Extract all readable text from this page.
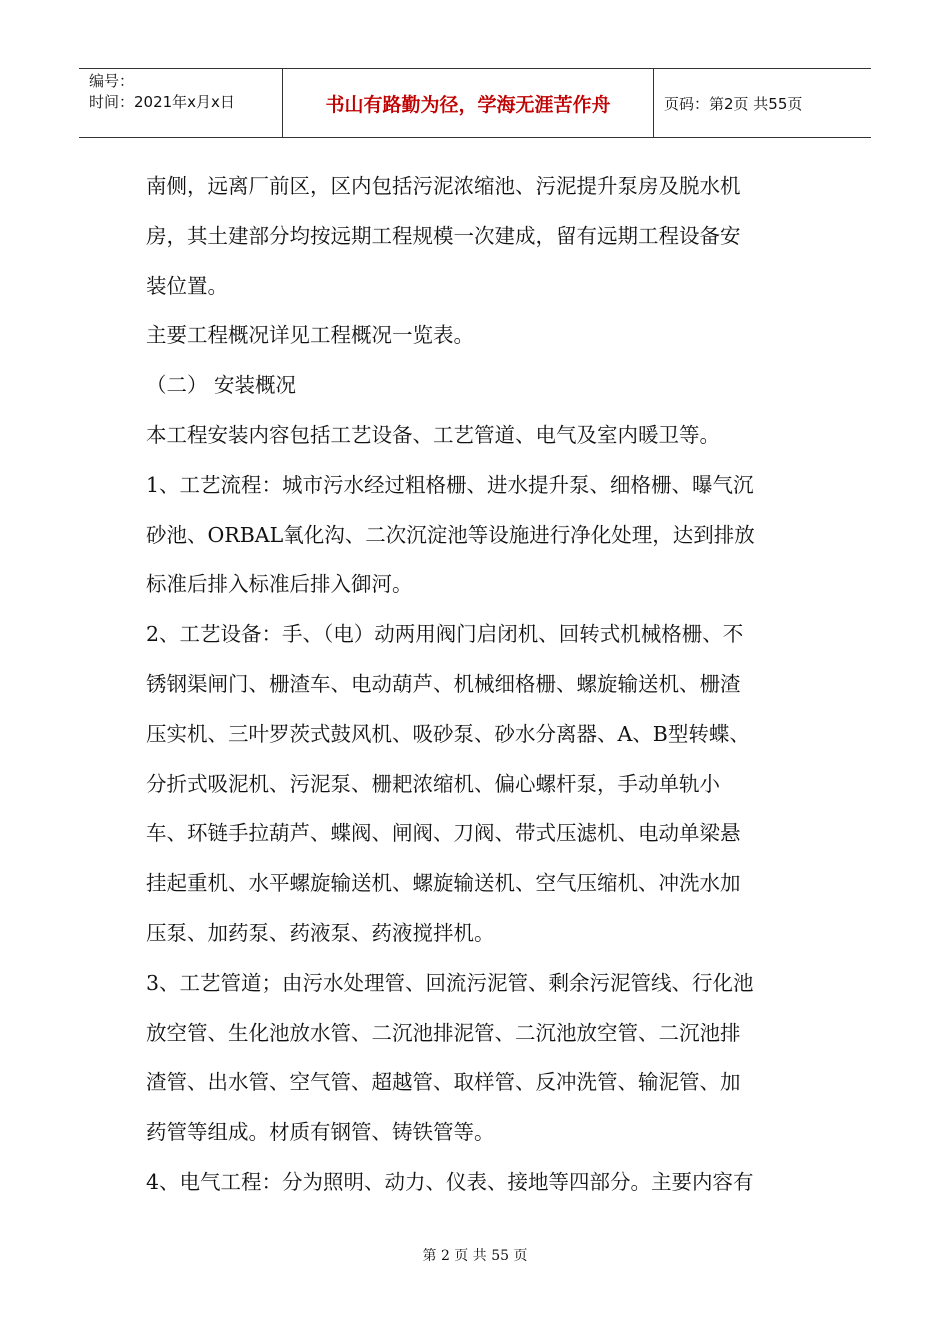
编号：
时间：2021年x月x日	书山有路勤为径，学海无涯苦作舟	页码：第2页 共55页

南侧，远离厂前区，区内包括污泥浓缩池、污泥提升泵房及脱水机

房，其土建部分均按远期工程规模一次建成，留有远期工程设备安

装位置。

主要工程概况详见工程概况一览表。

（二） 安装概况

本工程安装内容包括工艺设备、工艺管道、电气及室内暖卫等。

1、工艺流程：城市污水经过粗格栅、进水提升泵、细格栅、曝气沉

砂池、ORBAL氧化沟、二次沉淀池等设施进行净化处理，达到排放

标准后排入标准后排入御河。

2、工艺设备：手、（电）动两用阀门启闭机、回转式机械格栅、不

锈钢渠闸门、栅渣车、电动葫芦、机械细格栅、螺旋输送机、栅渣

压实机、三叶罗茨式鼓风机、吸砂泵、砂水分离器、A、B型转蝶、

分折式吸泥机、污泥泵、栅耙浓缩机、偏心螺杆泵，手动单轨小

车、环链手拉葫芦、蝶阀、闸阀、刀阀、带式压滤机、电动单梁悬

挂起重机、水平螺旋输送机、螺旋输送机、空气压缩机、冲洗水加

压泵、加药泵、药液泵、药液搅拌机。

3、工艺管道；由污水处理管、回流污泥管、剩余污泥管线、行化池

放空管、生化池放水管、二沉池排泥管、二沉池放空管、二沉池排

渣管、出水管、空气管、超越管、取样管、反冲洗管、输泥管、加

药管等组成。材质有钢管、铸铁管等。

4、电气工程：分为照明、动力、仪表、接地等四部分。主要内容有

第 2 页 共 55 页
